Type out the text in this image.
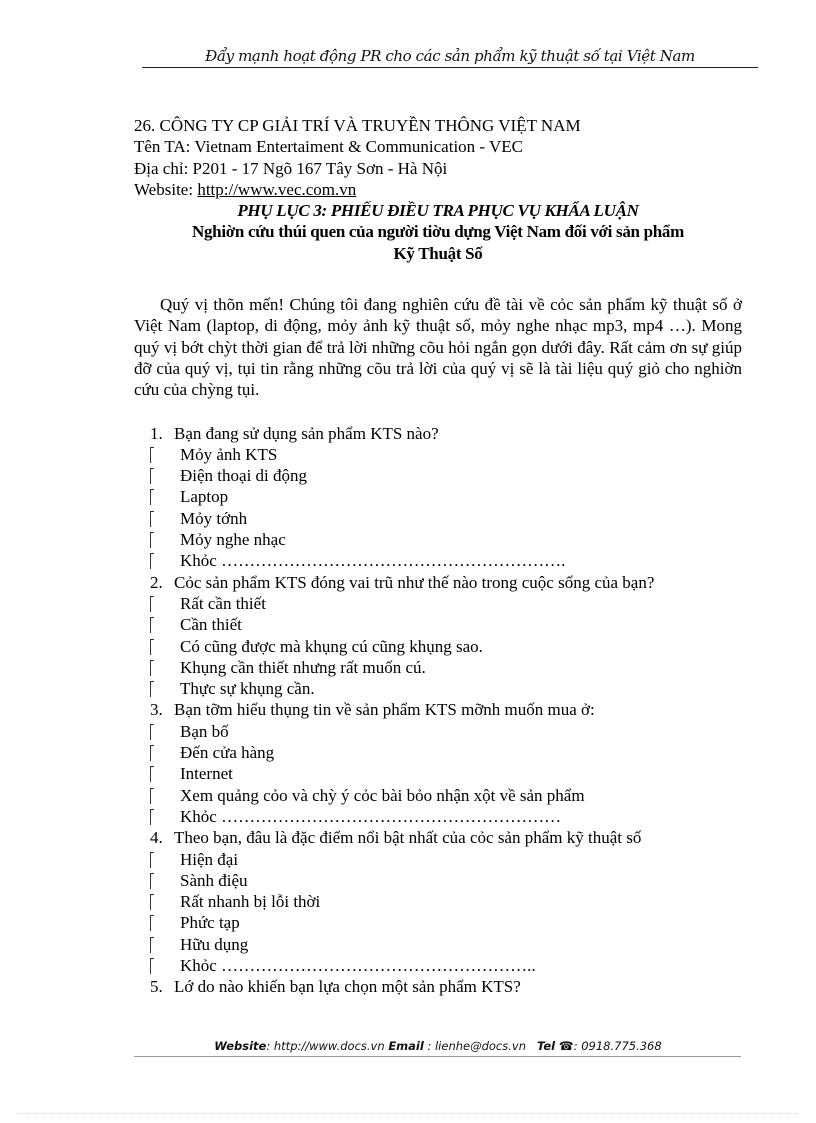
Đẩy mạnh hoạt động PR cho các sản phẩm kỹ thuật số tại Việt Nam

26. CÔNG TY CP GIẢI TRÍ VÀ TRUYỀN THÔNG VIỆT NAM

Tên TA: Vietnam Entertaiment & Communication - VEC

Địa chỉ: P201 - 17 Ngõ 167 Tây Sơn - Hà Nội

Website: http://www.vec.com.vn

PHỤ LỤC 3: PHIẾU ĐIỀU TRA PHỤC VỤ KHẨA LUẬN

Nghiờn cứu thúi quen của người tiờu dựng Việt Nam đối với sản phẩm

Kỹ Thuật Số

Quý vị thõn mến! Chúng tôi đang nghiên cứu đề tài về cỏc sản phẩm kỹ thuật số ở Việt Nam (laptop, di động, mỏy ảnh kỹ thuật số, mỏy nghe nhạc mp3, mp4 …). Mong quý vị bớt chỳt thời gian để trả lời những cõu hỏi ngắn gọn dưới đây. Rất cảm ơn sự giúp đỡ của quý vị, tụi tin rằng những cõu trả lời của quý vị sẽ là tài liệu quý giỏ cho nghiờn cứu của chỳng tụi.

1. Bạn đang sử dụng sản phẩm KTS nào?

Mỏy ảnh KTS

Điện thoại di động

Laptop

Mỏy tớnh

Mỏy nghe nhạc

Khỏc …………………………………………………….

2. Cỏc sản phẩm KTS đóng vai trũ như thế nào trong cuộc sống của bạn?

Rất cần thiết

Cần thiết

Có cũng được mà khụng cú cũng khụng sao.

Khụng cần thiết nhưng rất muốn cú.

Thực sự khụng cần.

3. Bạn tỡm hiểu thụng tin về sản phẩm KTS mỡnh muốn mua ở:

Bạn bố

Đến cửa hàng

Internet

Xem quảng cỏo và chỳ ý cỏc bài bỏo nhận xột về sản phẩm

Khỏc ……………………………………………………

4. Theo bạn, đâu là đặc điểm nổi bật nhất của cỏc sản phẩm kỹ thuật số

Hiện đại

Sành điệu

Rất nhanh bị lỗi thời

Phức tạp

Hữu dụng

Khỏc ………………………………………………..

5. Lớ do nào khiến bạn lựa chọn một sản phẩm KTS?

Website: http://www.docs.vn Email : lienhe@docs.vn Tel ☎: 0918.775.368
